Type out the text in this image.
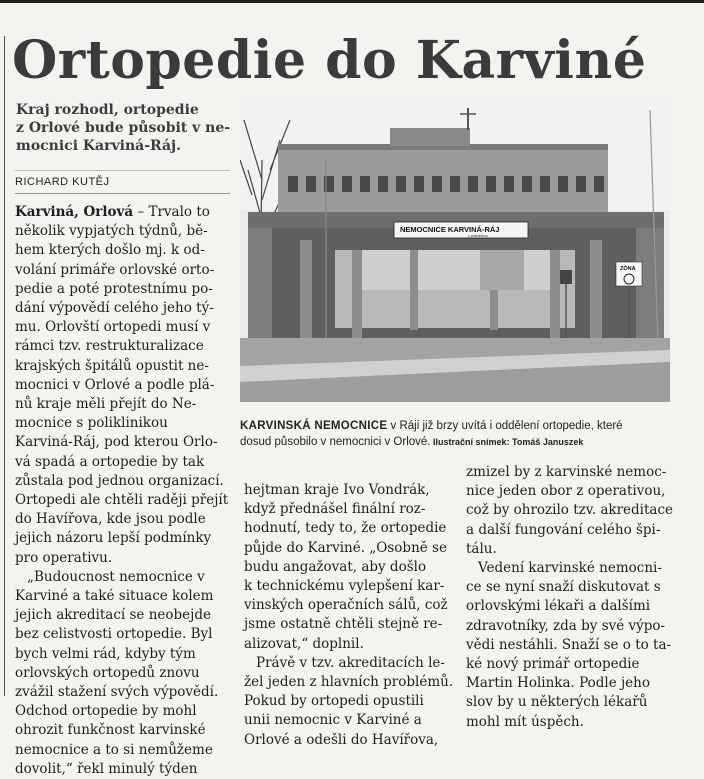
Ortopedie do Karviné
Kraj rozhodl, ortopedie
z Orlové bude působit v ne-
mocnici Karviná-Ráj.
RICHARD KUTĚJ
Karviná, Orlová – Trvalo to
několik vypjatých týdnů, bě-
hem kterých došlo mj. k od-
volání primáře orlovské orto-
pedie a poté protestnímu po-
dání výpovědí celého jeho tý-
mu. Orlovští ortopedi musí v
rámci tzv. restrukturalizace
krajských špitálů opustit ne-
mocnici v Orlové a podle plá-
nů kraje měli přejít do Ne-
mocnice s poliklinikou
Karviná-Ráj, pod kterou Orlo-
vá spadá a ortopedie by tak
zůstala pod jednou organizací.
Ortopedi ale chtěli raději přejít
do Havířova, kde jsou podle
jejich názoru lepší podmínky
pro operativu.
„Budoucnost nemocnice v
Karviné a také situace kolem
jejich akreditací se neobejde
bez celistvosti ortopedie. Byl
bych velmi rád, kdyby tým
orlovských ortopedů znovu
zvážil stažení svých výpovědí.
Odchod ortopedie by mohl
ohrozit funkčnost karvinské
nemocnice a to si nemůžeme
dovolit,“ řekl minulý týden
NEMOCNICE KARVINÁ-RÁJ
s poliklinikou
ZÓNA
KARVINSKÁ NEMOCNICE v Ráji již brzy uvítá i oddělení ortopedie, které
dosud působilo v nemocnici v Orlové. Ilustrační snímek: Tomáš Januszek
hejtman kraje Ivo Vondrák,
když přednášel finální roz-
hodnutí, tedy to, že ortopedie
půjde do Karviné. „Osobně se
budu angažovat, aby došlo
k technickému vylepšení kar-
vinských operačních sálů, což
jsme ostatně chtěli stejně re-
alizovat,“ doplnil.
Právě v tzv. akreditacích le-
žel jeden z hlavních problémů.
Pokud by ortopedi opustili
unii nemocnic v Karviné a
Orlové a odešli do Havířova,
zmizel by z karvinské nemoc-
nice jeden obor z operativou,
což by ohrozilo tzv. akreditace
a další fungování celého špi-
tálu.
Vedení karvinské nemocni-
ce se nyní snaží diskutovat s
orlovskými lékaři a dalšími
zdravotníky, zda by své výpo-
vědi nestáhli. Snaží se o to ta-
ké nový primář ortopedie
Martin Holinka. Podle jeho
slov by u některých lékařů
mohl mít úspěch.
